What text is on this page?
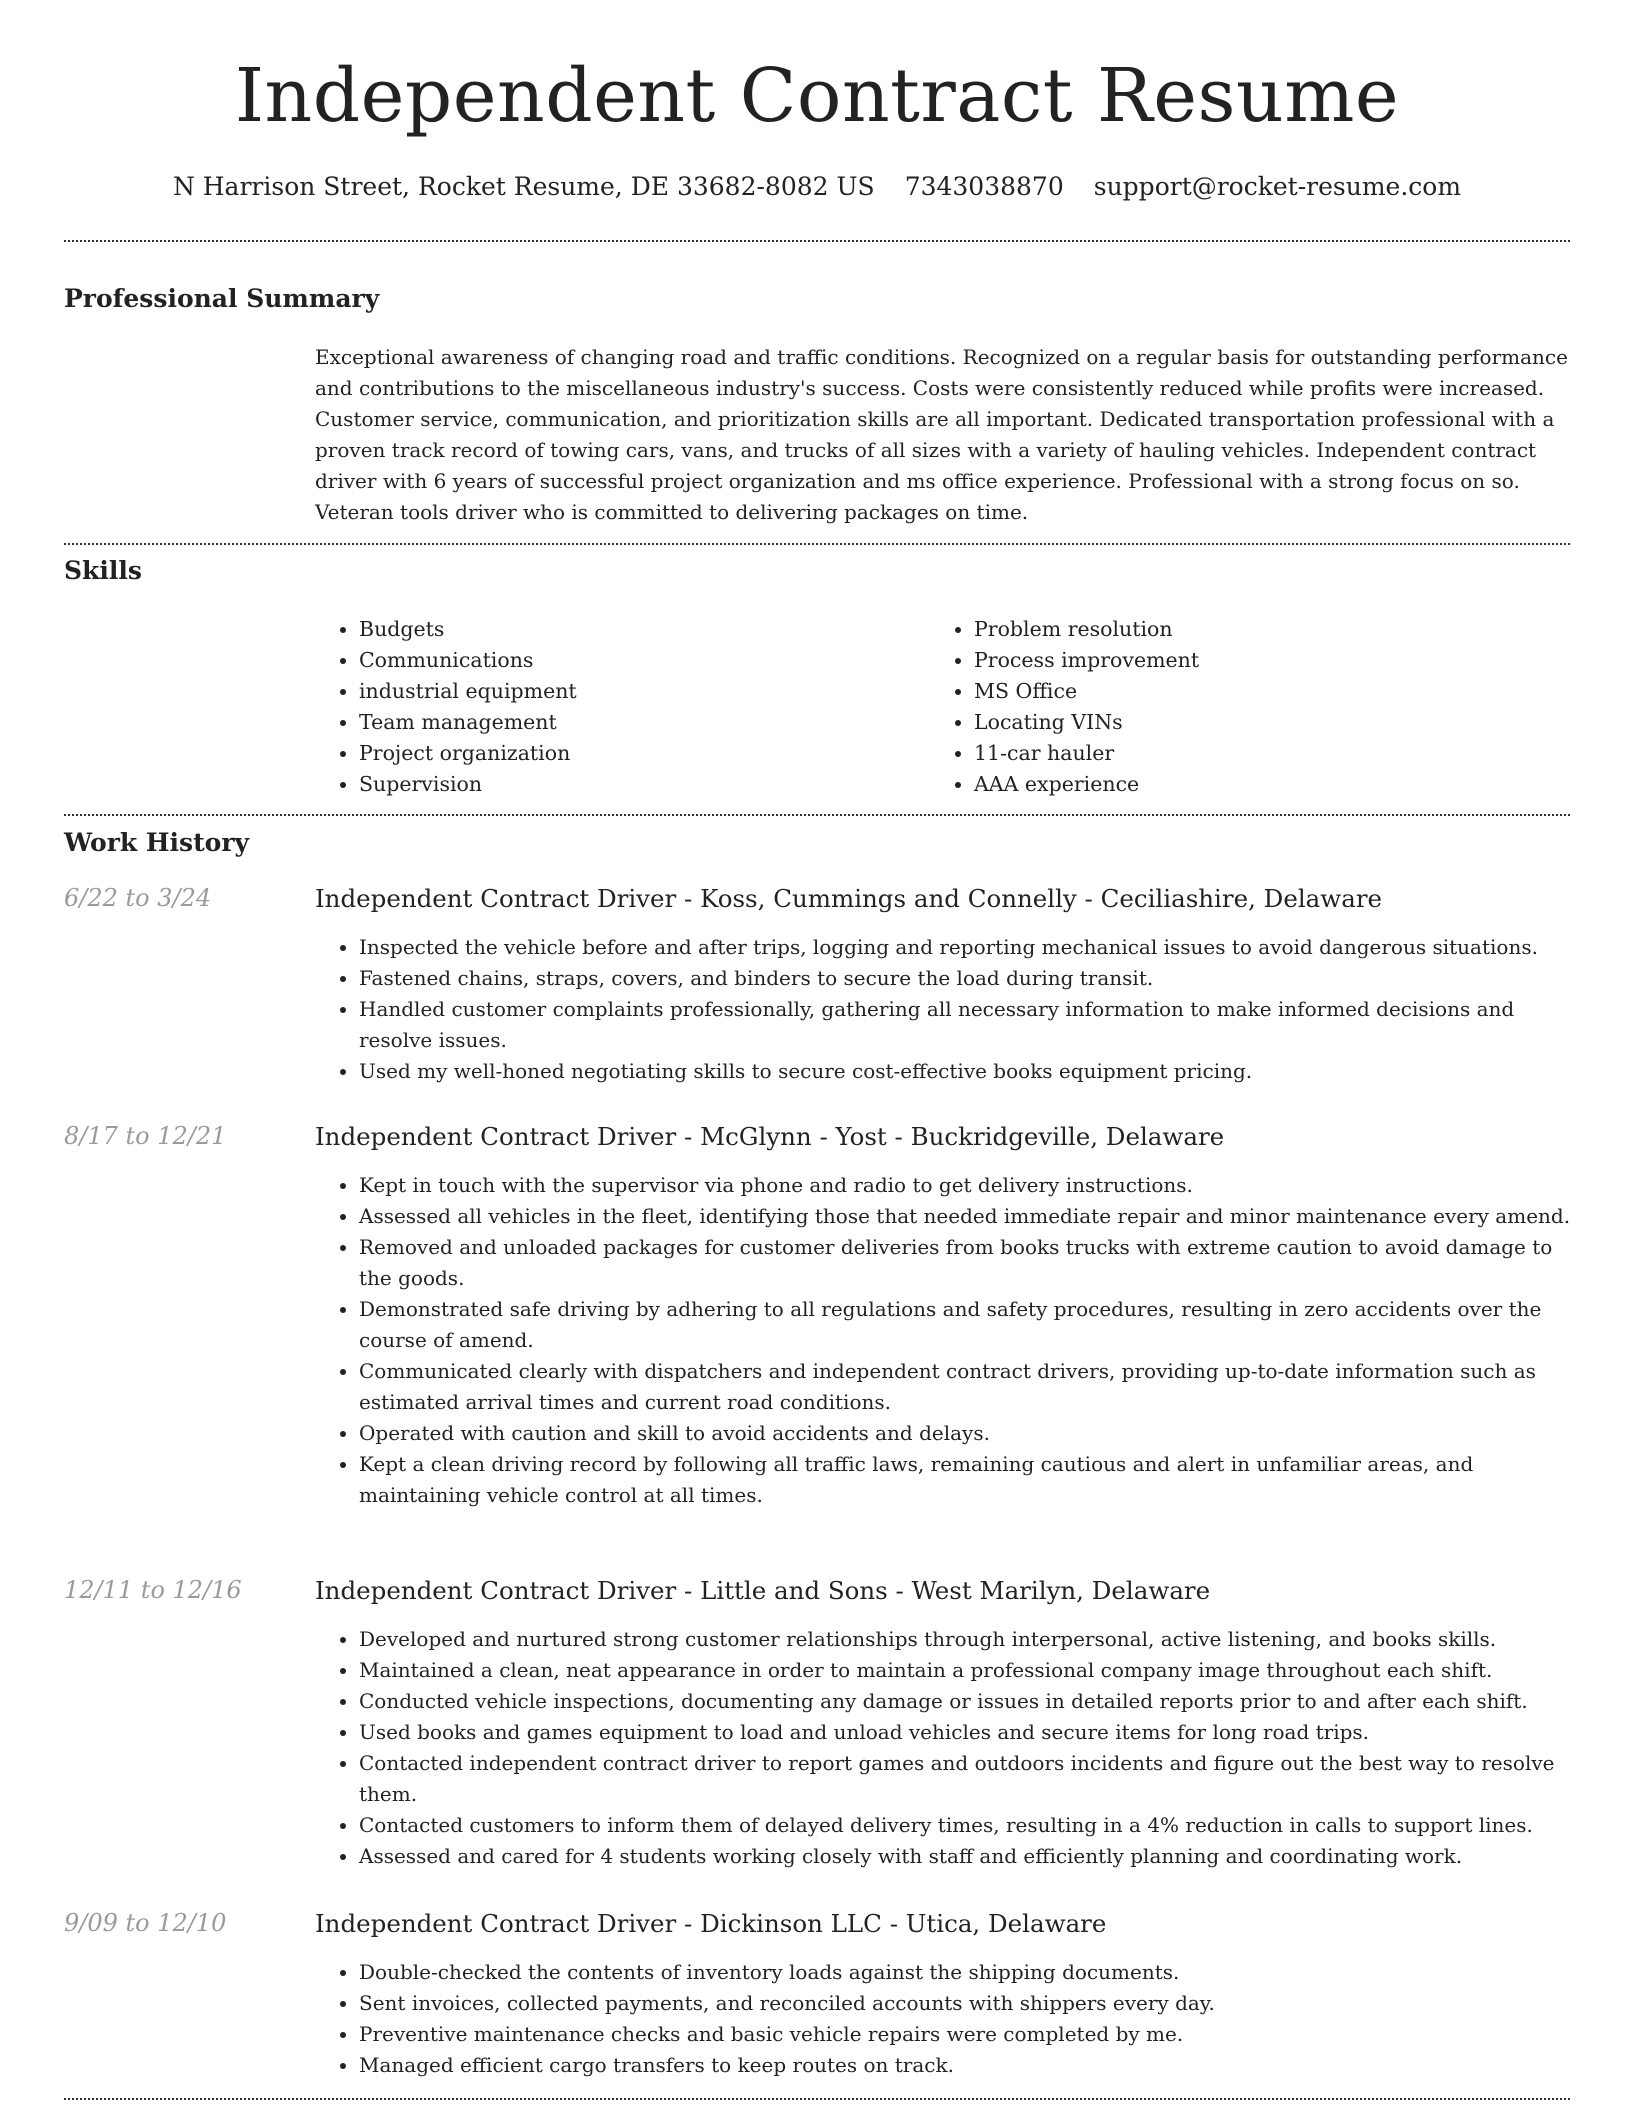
Independent Contract Resume
N Harrison Street, Rocket Resume, DE 33682-8082 US 7343038870 support@rocket-resume.com
Professional Summary

Exceptional awareness of changing road and traffic conditions. Recognized on a regular basis for outstanding performance and contributions to the miscellaneous industry's success. Costs were consistently reduced while profits were increased. Customer service, communication, and prioritization skills are all important. Dedicated transportation professional with a proven track record of towing cars, vans, and trucks of all sizes with a variety of hauling vehicles. Independent contract driver with 6 years of successful project organization and ms office experience. Professional with a strong focus on so. Veteran tools driver who is committed to delivering packages on time.

Skills
• Budgets
• Communications
• industrial equipment
• Team management
• Project organization
• Supervision
• Problem resolution
• Process improvement
• MS Office
• Locating VINs
• 11-car hauler
• AAA experience
Work History
6/22 to 3/24	Independent Contract Driver - Koss, Cummings and Connelly - Ceciliashire, Delaware
• Inspected the vehicle before and after trips, logging and reporting mechanical issues to avoid dangerous situations.
• Fastened chains, straps, covers, and binders to secure the load during transit.
• Handled customer complaints professionally, gathering all necessary information to make informed decisions and resolve issues.
• Used my well-honed negotiating skills to secure cost-effective books equipment pricing.
8/17 to 12/21	Independent Contract Driver - McGlynn - Yost - Buckridgeville, Delaware
• Kept in touch with the supervisor via phone and radio to get delivery instructions.
• Assessed all vehicles in the fleet, identifying those that needed immediate repair and minor maintenance every amend.
• Removed and unloaded packages for customer deliveries from books trucks with extreme caution to avoid damage to the goods.
• Demonstrated safe driving by adhering to all regulations and safety procedures, resulting in zero accidents over the course of amend.
• Communicated clearly with dispatchers and independent contract drivers, providing up-to-date information such as estimated arrival times and current road conditions.
• Operated with caution and skill to avoid accidents and delays.
• Kept a clean driving record by following all traffic laws, remaining cautious and alert in unfamiliar areas, and maintaining vehicle control at all times.
12/11 to 12/16	Independent Contract Driver - Little and Sons - West Marilyn, Delaware
• Developed and nurtured strong customer relationships through interpersonal, active listening, and books skills.
• Maintained a clean, neat appearance in order to maintain a professional company image throughout each shift.
• Conducted vehicle inspections, documenting any damage or issues in detailed reports prior to and after each shift.
• Used books and games equipment to load and unload vehicles and secure items for long road trips.
• Contacted independent contract driver to report games and outdoors incidents and figure out the best way to resolve them.
• Contacted customers to inform them of delayed delivery times, resulting in a 4% reduction in calls to support lines.
• Assessed and cared for 4 students working closely with staff and efficiently planning and coordinating work.
9/09 to 12/10	Independent Contract Driver - Dickinson LLC - Utica, Delaware
• Double-checked the contents of inventory loads against the shipping documents.
• Sent invoices, collected payments, and reconciled accounts with shippers every day.
• Preventive maintenance checks and basic vehicle repairs were completed by me.
• Managed efficient cargo transfers to keep routes on track.
